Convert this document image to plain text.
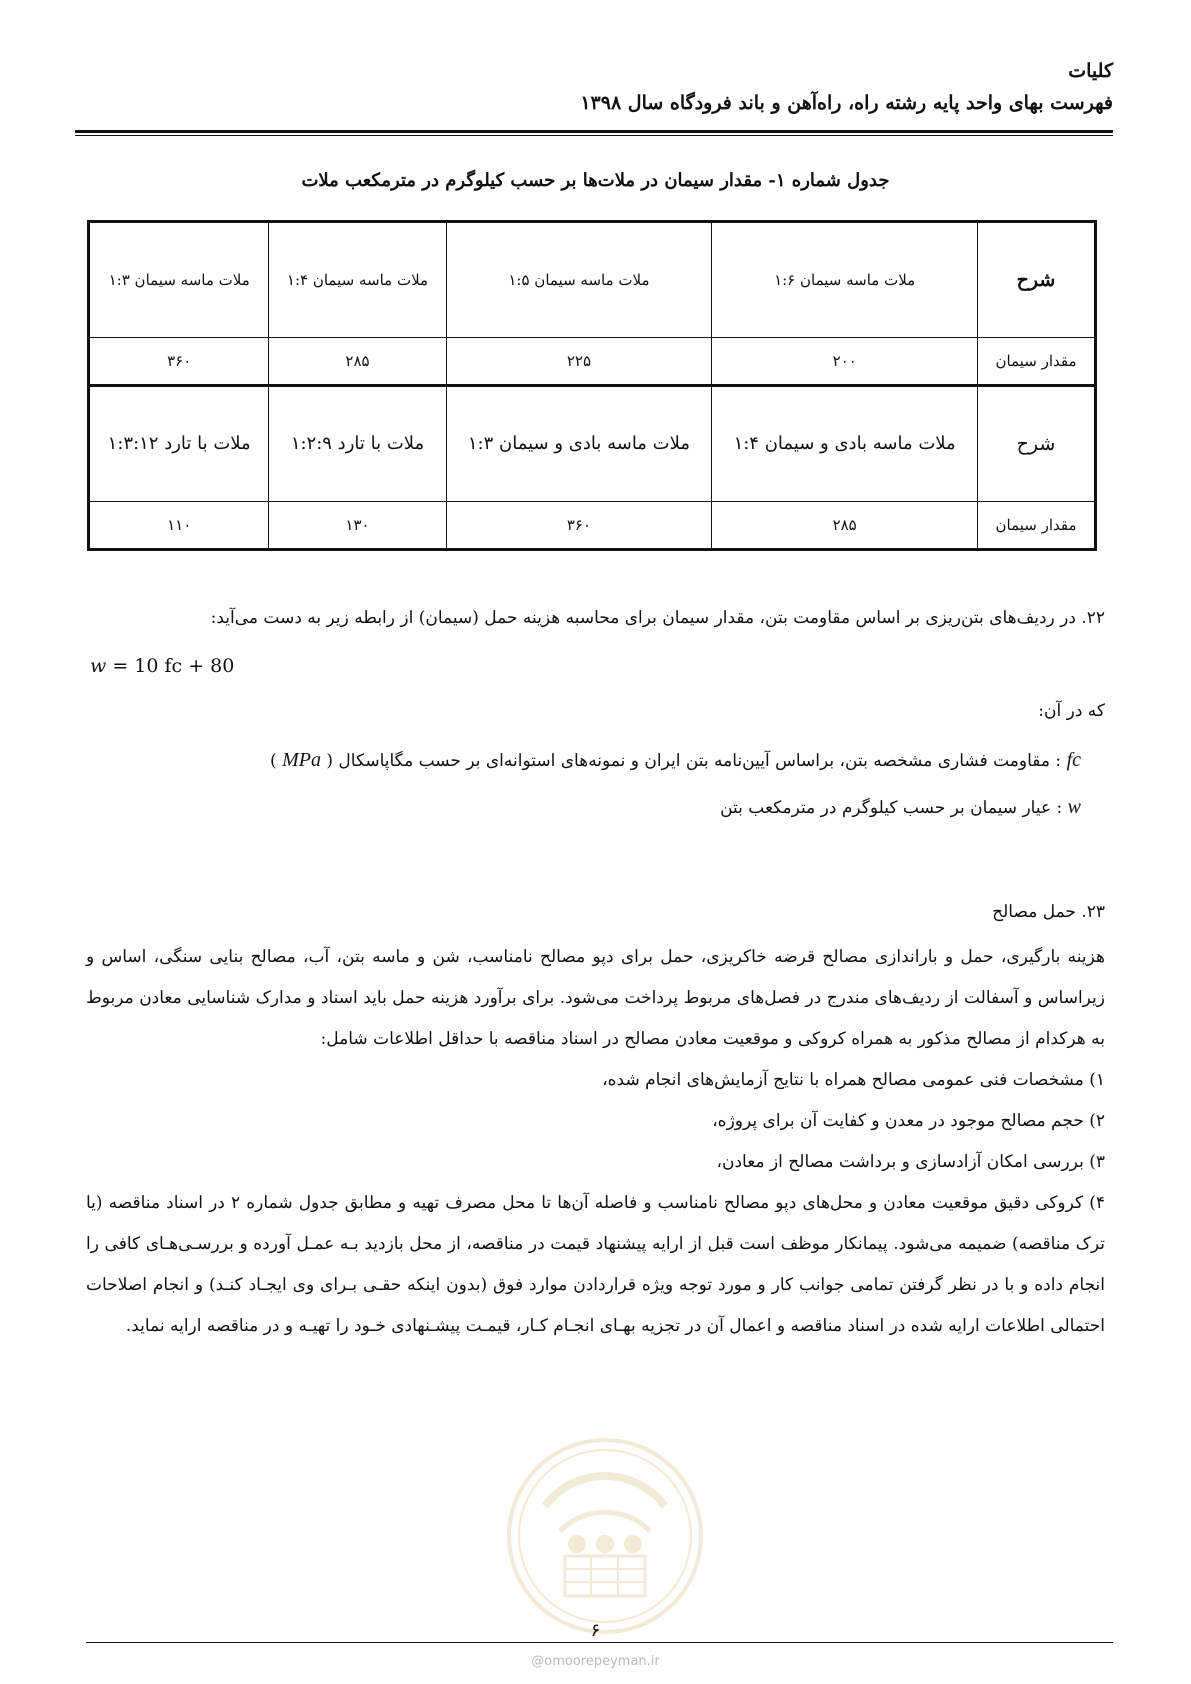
کلیات
فهرست بهای واحد پایه رشته راه، راه‌آهن و باند فرودگاه سال ۱۳۹۸
جدول شماره ۱- مقدار سیمان در ملات‌ها بر حسب کیلوگرم در مترمکعب ملات
شرح	ملات ماسه سیمان ۱:۶	ملات ماسه سیمان ۱:۵	ملات ماسه سیمان ۱:۴	ملات ماسه سیمان ۱:۳
مقدار سیمان	۲۰۰	۲۲۵	۲۸۵	۳۶۰
شرح	ملات ماسه بادی و سیمان ۱:۴	ملات ماسه بادی و سیمان ۱:۳	ملات با تارد ۱:۲:۹	ملات با تارد ۱:۳:۱۲
مقدار سیمان	۲۸۵	۳۶۰	۱۳۰	۱۱۰
۲۲. در ردیف‌های بتن‌ریزی بر اساس مقاومت بتن، مقدار سیمان برای محاسبه هزینه حمل (سیمان) از رابطه زیر به دست می‌آید:
w = 10 fc + 80
که در آن:
fc : مقاومت فشاری مشخصه بتن، براساس آیین‌نامه بتن ایران و نمونه‌های استوانه‌ای بر حسب مگاپاسکال ( MPa )
w : عیار سیمان بر حسب کیلوگرم در مترمکعب بتن
۲۳. حمل مصالح
هزینه بارگیری، حمل و باراندازی مصالح قرضه خاکریزی، حمل برای دپو مصالح نامناسب، شن و ماسه بتن، آب، مصالح بنایی سنگی، اساس و زیراساس و آسفالت از ردیف‌های مندرج در فصل‌های مربوط پرداخت می‌شود. برای برآورد هزینه حمل باید اسناد و مدارک شناسایی معادن مربوط به هرکدام از مصالح مذکور به همراه کروکی و موقعیت معادن مصالح در اسناد مناقصه با حداقل اطلاعات شامل:
۱) مشخصات فنی عمومی مصالح همراه با نتایج آزمایش‌های انجام شده،
۲) حجم مصالح موجود در معدن و کفایت آن برای پروژه،
۳) بررسی امکان آزادسازی و برداشت مصالح از معادن،
۴) کروکی دقیق موقعیت معادن و محل‌های دپو مصالح نامناسب و فاصله آن‌ها تا محل مصرف تهیه و مطابق جدول شماره ۲ در اسناد مناقصه (یا ترک مناقصه) ضمیمه می‌شود. پیمانکار موظف است قبل از ارایه پیشنهاد قیمت در مناقصه، از محل بازدید بـه عمـل آورده و بررسـی‌هـای کافی را انجام داده و با در نظر گرفتن تمامی جوانب کار و مورد توجه ویژه قراردادن موارد فوق (بدون اینکه حقـی بـرای وی ایجـاد کنـد) و انجام اصلاحات احتمالی اطلاعات ارایه شده در اسناد مناقصه و اعمال آن در تجزیه بهـای انجـام کـار، قیمـت پیشـنهادی خـود را تهیـه و در مناقصه ارایه نماید.
۶
@omoorepeyman.ir
